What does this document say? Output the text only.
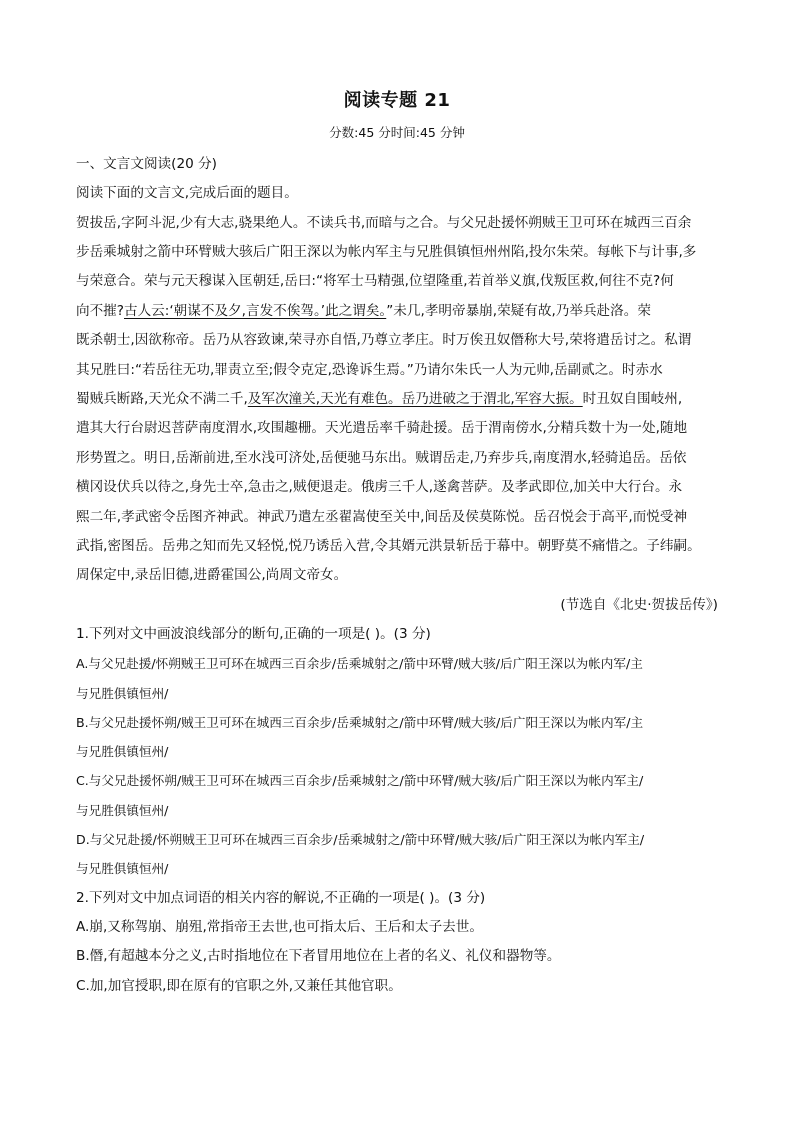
阅读专题 21
分数:45 分时间:45 分钟
一、文言文阅读(20 分)
阅读下面的文言文,完成后面的题目。
贺拔岳,字阿斗泥,少有大志,骁果绝人。不读兵书,而暗与之合。与父兄赴援怀朔贼王卫可环在城西三百余
步岳乘城射之箭中环臂贼大骇后广阳王深以为帐内军主与兄胜俱镇恒州州陷,投尔朱荣。每帐下与计事,多
与荣意合。荣与元天穆谋入匡朝廷,岳曰:“将军士马精强,位望隆重,若首举义旗,伐叛匡救,何往不克?何
向不摧?古人云:‘朝谋不及夕,言发不俟驾。’此之谓矣。”未几,孝明帝暴崩,荣疑有故,乃举兵赴洛。荣
既杀朝士,因欲称帝。岳乃从容致谏,荣寻亦自悟,乃尊立孝庄。时万俟丑奴僭称大号,荣将遣岳讨之。私谓
其兄胜曰:“若岳往无功,罪责立至;假令克定,恐谗诉生焉。”乃请尔朱氏一人为元帅,岳副贰之。时赤水
蜀贼兵断路,天光众不满二千,及军次潼关,天光有难色。岳乃进破之于渭北,军容大振。时丑奴自围岐州,
遣其大行台尉迟菩萨南度渭水,攻围趣栅。天光遣岳率千骑赴援。岳于渭南傍水,分精兵数十为一处,随地
形势置之。明日,岳渐前进,至水浅可济处,岳便驰马东出。贼谓岳走,乃弃步兵,南度渭水,轻骑追岳。岳依
横冈设伏兵以待之,身先士卒,急击之,贼便退走。俄虏三千人,遂禽菩萨。及孝武即位,加关中大行台。永
熙二年,孝武密令岳图齐神武。神武乃遣左丞翟嵩使至关中,间岳及侯莫陈悦。岳召悦会于高平,而悦受神
武指,密图岳。岳弗之知而先又轻悦,悦乃诱岳入营,令其婿元洪景斩岳于幕中。朝野莫不痛惜之。子纬嗣。
周保定中,录岳旧德,进爵霍国公,尚周文帝女。
(节选自《北史·贺拔岳传》)
1.下列对文中画波浪线部分的断句,正确的一项是( )。(3 分)
A.与父兄赴援/怀朔贼王卫可环在城西三百余步/岳乘城射之/箭中环臂/贼大骇/后广阳王深以为帐内军/主
与兄胜俱镇恒州/
B.与父兄赴援怀朔/贼王卫可环在城西三百余步/岳乘城射之/箭中环臂/贼大骇/后广阳王深以为帐内军/主
与兄胜俱镇恒州/
C.与父兄赴援怀朔/贼王卫可环在城西三百余步/岳乘城射之/箭中环臂/贼大骇/后广阳王深以为帐内军主/
与兄胜俱镇恒州/
D.与父兄赴援/怀朔贼王卫可环在城西三百余步/岳乘城射之/箭中环臂/贼大骇/后广阳王深以为帐内军主/
与兄胜俱镇恒州/
2.下列对文中加点词语的相关内容的解说,不正确的一项是( )。(3 分)
A.崩,又称驾崩、崩殂,常指帝王去世,也可指太后、王后和太子去世。
B.僭,有超越本分之义,古时指地位在下者冒用地位在上者的名义、礼仪和器物等。
C.加,加官授职,即在原有的官职之外,又兼任其他官职。
